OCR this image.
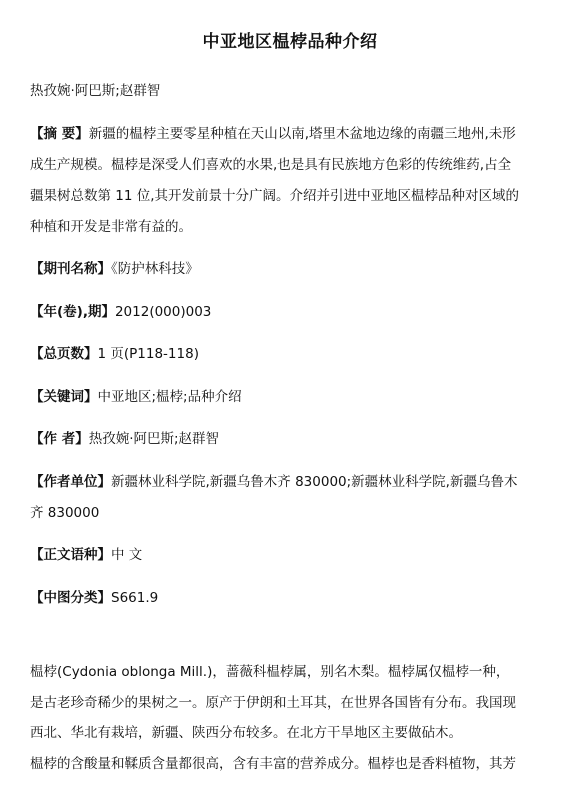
中亚地区榅桲品种介绍
热孜婉·阿巴斯;赵群智
【摘 要】新疆的榅桲主要零星种植在天山以南,塔里木盆地边缘的南疆三地州,未形
成生产规模。榅桲是深受人们喜欢的水果,也是具有民族地方色彩的传统维药,占全
疆果树总数第 11 位,其开发前景十分广阔。介绍并引进中亚地区榅桲品种对区域的
种植和开发是非常有益的。
【期刊名称】《防护林科技》
【年(卷),期】2012(000)003
【总页数】1 页(P118-118)
【关键词】中亚地区;榅桲;品种介绍
【作 者】热孜婉·阿巴斯;赵群智
【作者单位】新疆林业科学院,新疆乌鲁木齐 830000;新疆林业科学院,新疆乌鲁木
齐 830000
【正文语种】中 文
【中图分类】S661.9
榅桲(Cydonia oblonga Mill.)，蔷薇科榅桲属，别名木梨。榅桲属仅榅桲一种，
是古老珍奇稀少的果树之一。原产于伊朗和土耳其，在世界各国皆有分布。我国现
西北、华北有栽培，新疆、陕西分布较多。在北方干旱地区主要做砧木。
榅桲的含酸量和鞣质含量都很高，含有丰富的营养成分。榅桲也是香料植物，其芳
